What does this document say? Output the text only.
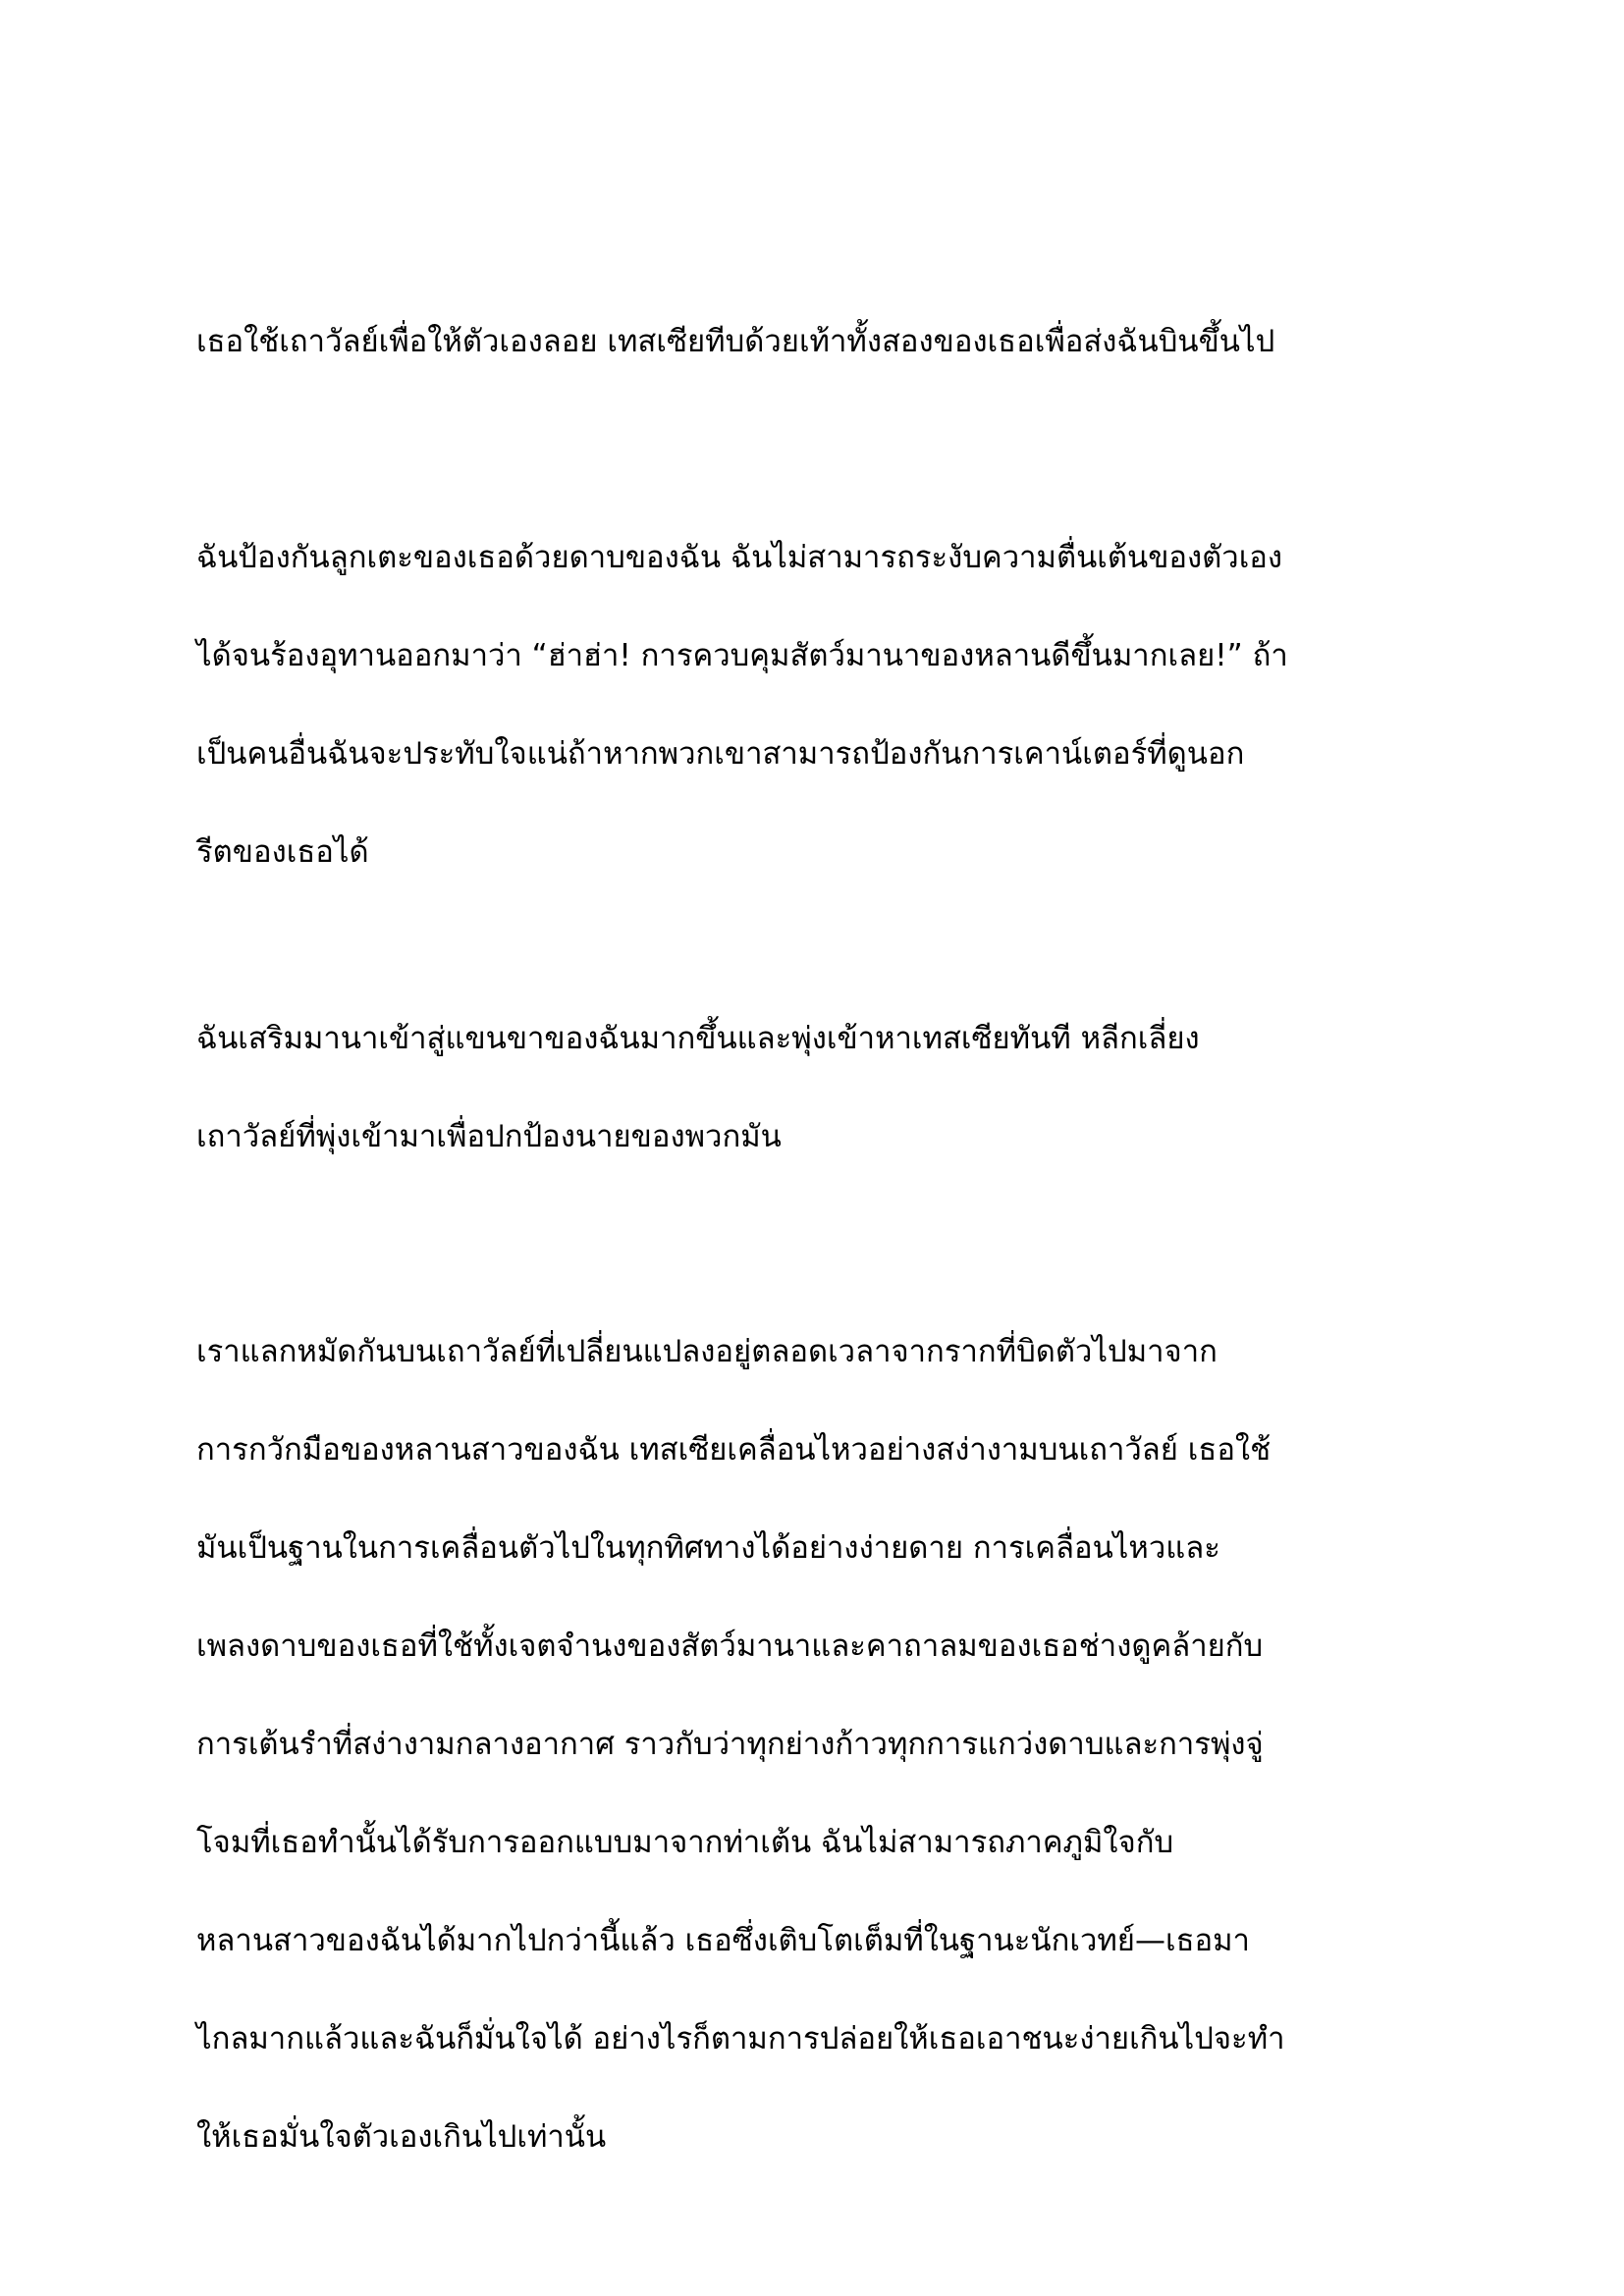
เธอใช้เถาวัลย์เพื่อให้ตัวเองลอย เทสเซียทีบด้วยเท้าทั้งสองของเธอเพื่อส่งฉันบินขึ้นไป
ฉันป้องกันลูกเตะของเธอด้วยดาบของฉัน ฉันไม่สามารถระงับความตื่นเต้นของตัวเอง
ได้จนร้องอุทานออกมาว่า “ฮ่าฮ่า! การควบคุมสัตว์มานาของหลานดีขึ้นมากเลย!” ถ้า
เป็นคนอื่นฉันจะประทับใจแน่ถ้าหากพวกเขาสามารถป้องกันการเคาน์เตอร์ที่ดูนอก
รีตของเธอได้
ฉันเสริมมานาเข้าสู่แขนขาของฉันมากขึ้นและพุ่งเข้าหาเทสเซียทันที หลีกเลี่ยง
เถาวัลย์ที่พุ่งเข้ามาเพื่อปกป้องนายของพวกมัน
เราแลกหมัดกันบนเถาวัลย์ที่เปลี่ยนแปลงอยู่ตลอดเวลาจากรากที่บิดตัวไปมาจาก
การกวักมือของหลานสาวของฉัน เทสเซียเคลื่อนไหวอย่างสง่างามบนเถาวัลย์ เธอใช้
มันเป็นฐานในการเคลื่อนตัวไปในทุกทิศทางได้อย่างง่ายดาย การเคลื่อนไหวและ
เพลงดาบของเธอที่ใช้ทั้งเจตจำนงของสัตว์มานาและคาถาลมของเธอช่างดูคล้ายกับ
การเต้นรำที่สง่างามกลางอากาศ ราวกับว่าทุกย่างก้าวทุกการแกว่งดาบและการพุ่งจู่
โจมที่เธอทำนั้นได้รับการออกแบบมาจากท่าเต้น ฉันไม่สามารถภาคภูมิใจกับ
หลานสาวของฉันได้มากไปกว่านี้แล้ว เธอซึ่งเติบโตเต็มที่ในฐานะนักเวทย์—เธอมา
ไกลมากแล้วและฉันก็มั่นใจได้ อย่างไรก็ตามการปล่อยให้เธอเอาชนะง่ายเกินไปจะทำ
ให้เธอมั่นใจตัวเองเกินไปเท่านั้น
